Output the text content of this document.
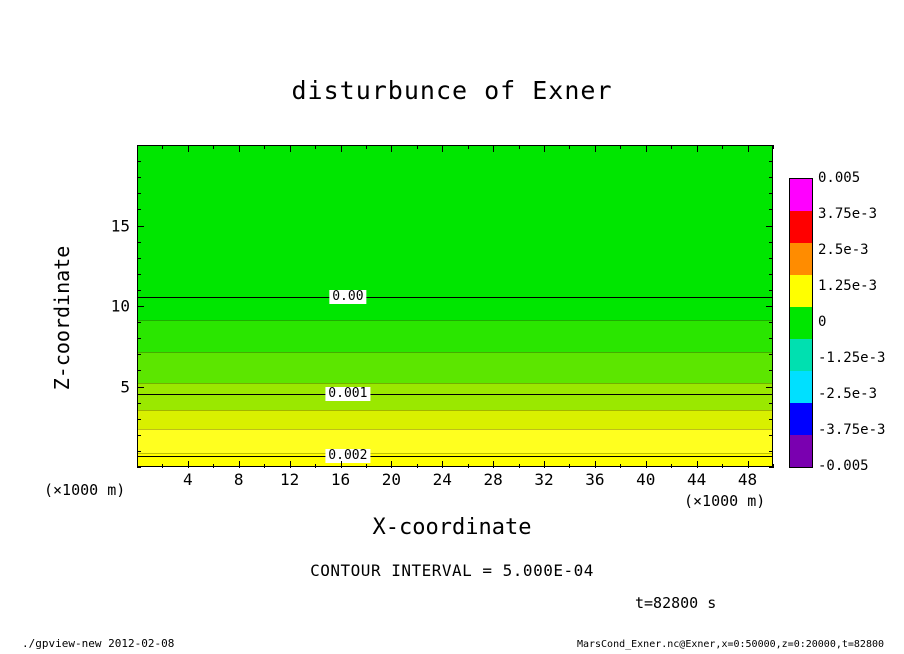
disturbunce of Exner
0.00
0.001
0.002
4	8 12 16 20 24 28 32 36 40 44 48
5
10
15
X-coordinate
Z-coordinate
(×1000 m)
(×1000 m)
CONTOUR INTERVAL = 5.000E-04
t=82800 s
./gpview-new 2012-02-08	MarsCond_Exner.nc@Exner,x=0:50000,z=0:20000,t=82800
0.005
3.75e-3
2.5e-3
1.25e-3
0
-1.25e-3
-2.5e-3
-3.75e-3
-0.005
